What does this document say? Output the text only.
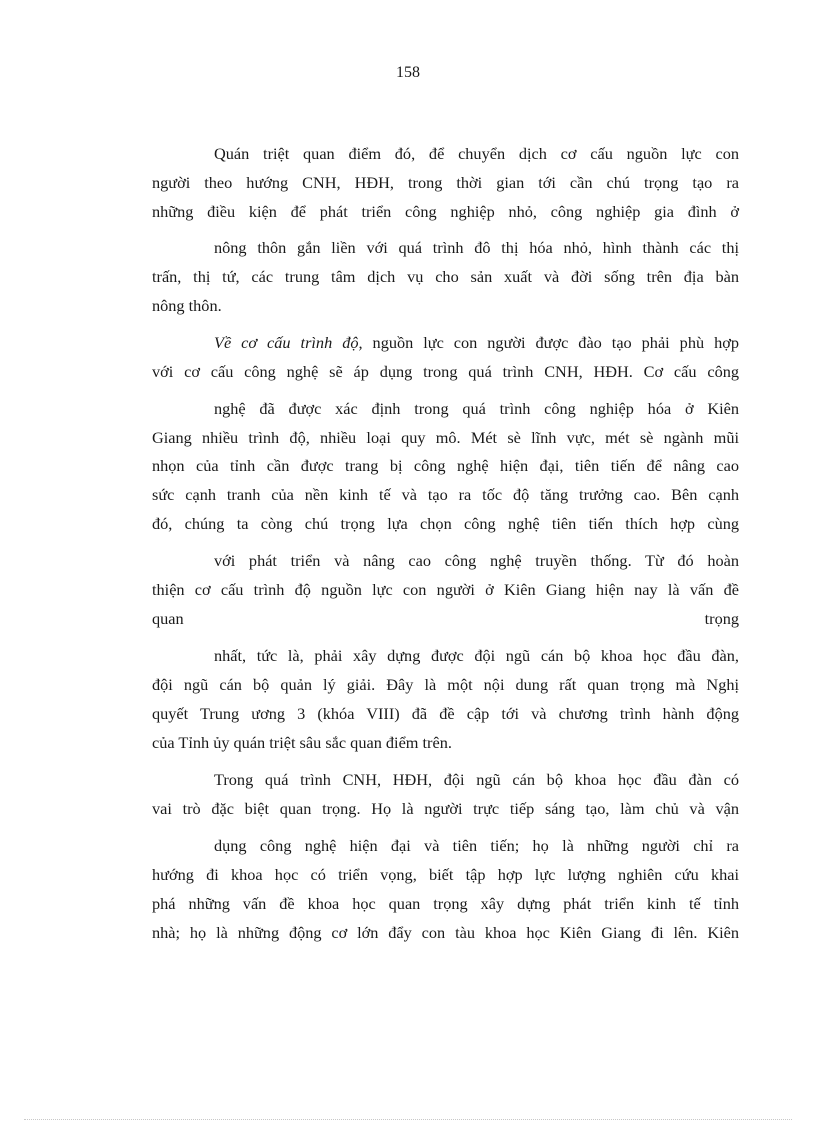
158
Quán triệt quan điểm đó, để chuyển dịch cơ cấu nguồn lực con
người theo hướng CNH, HĐH, trong thời gian tới cần chú trọng tạo ra
những điều kiện để phát triển công nghiệp nhỏ, công nghiệp gia đình ở
nông thôn gắn liền với quá trình đô thị hóa nhỏ, hình thành các thị
trấn, thị tứ, các trung tâm dịch vụ cho sản xuất và đời sống trên địa bàn
nông thôn.
Về cơ cấu trình độ, nguồn lực con người được đào tạo phải phù hợp
với cơ cấu công nghệ sẽ áp dụng trong quá trình CNH, HĐH. Cơ cấu công
nghệ đã được xác định trong quá trình công nghiệp hóa ở Kiên
Giang nhiều trình độ, nhiều loại quy mô. Mét sè lĩnh vực, mét sè ngành mũi
nhọn của tỉnh cần được trang bị công nghệ hiện đại, tiên tiến để nâng cao
sức cạnh tranh của nền kinh tế và tạo ra tốc độ tăng trưởng cao. Bên cạnh
đó, chúng ta còng chú trọng lựa chọn công nghệ tiên tiến thích hợp cùng
với phát triển và nâng cao công nghệ truyền thống. Từ đó hoàn
thiện cơ cấu trình độ nguồn lực con người ở Kiên Giang hiện nay là vấn đề
quan	trọng
nhất, tức là, phải xây dựng được đội ngũ cán bộ khoa học đầu đàn,
đội ngũ cán bộ quản lý giải. Đây là một nội dung rất quan trọng mà Nghị
quyết Trung ương 3 (khóa VIII) đã đề cập tới và chương trình hành động
của Tỉnh ủy quán triệt sâu sắc quan điểm trên.
Trong quá trình CNH, HĐH, đội ngũ cán bộ khoa học đầu đàn có
vai trò đặc biệt quan trọng. Họ là người trực tiếp sáng tạo, làm chủ và vận
dụng công nghệ hiện đại và tiên tiến; họ là những người chỉ ra
hướng đi khoa học có triển vọng, biết tập hợp lực lượng nghiên cứu khai
phá những vấn đề khoa học quan trọng xây dựng phát triển kinh tế tỉnh
nhà; họ là những động cơ lớn đẩy con tàu khoa học Kiên Giang đi lên. Kiên
